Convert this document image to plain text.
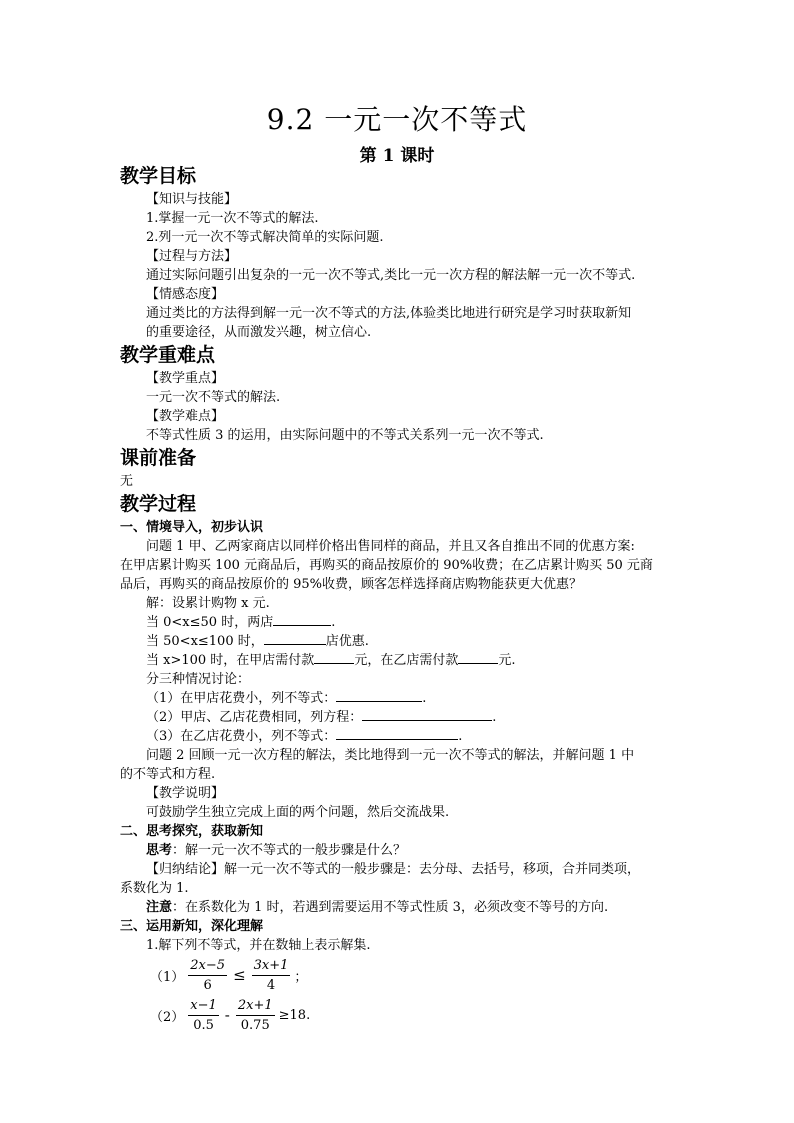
9.2 一元一次不等式
第 1 课时

教学目标

【知识与技能】

1.掌握一元一次不等式的解法.

2.列一元一次不等式解决简单的实际问题.

【过程与方法】

通过实际问题引出复杂的一元一次不等式,类比一元一次方程的解法解一元一次不等式.

【情感态度】

通过类比的方法得到解一元一次不等式的方法,体验类比地进行研究是学习时获取新知

的重要途径，从而激发兴趣，树立信心.

教学重难点

【教学重点】

一元一次不等式的解法.

【教学难点】

不等式性质 3 的运用，由实际问题中的不等式关系列一元一次不等式.

课前准备

无

教学过程

一、情境导入，初步认识

问题 1 甲、乙两家商店以同样价格出售同样的商品，并且又各自推出不同的优惠方案:

在甲店累计购买 100 元商品后，再购买的商品按原价的 90%收费；在乙店累计购买 50 元商

品后，再购买的商品按原价的 95%收费，顾客怎样选择商店购物能获更大优惠？

解：设累计购物 x 元.

当 0<x≤50 时，两店	.

当 50<x≤100 时，	店优惠.

当 x>100 时，在甲店需付款	元，在乙店需付款	元.

分三种情况讨论：

（1）在甲店花费小，列不等式：	.

（2）甲店、乙店花费相同，列方程：	.

（3）在乙店花费小，列不等式：	.

问题 2 回顾一元一次方程的解法，类比地得到一元一次不等式的解法，并解问题 1 中

的不等式和方程.

【教学说明】

可鼓励学生独立完成上面的两个问题，然后交流战果.

二、思考探究，获取新知

思考：解一元一次不等式的一般步骤是什么？

【归纳结论】解一元一次不等式的一般步骤是：去分母、去括号，移项，合并同类项，

系数化为 1.

注意：在系数化为 1 时，若遇到需要运用不等式性质 3，必须改变不等号的方向.

三、运用新知，深化理解

1.解下列不等式，并在数轴上表示解集.

$(1) \frac{2x-5}{6} \le \frac{3x+1}{4}$ ；
$(2) \frac{x-1}{0.5} - \frac{2x+1}{0.75} \ge 18$.
